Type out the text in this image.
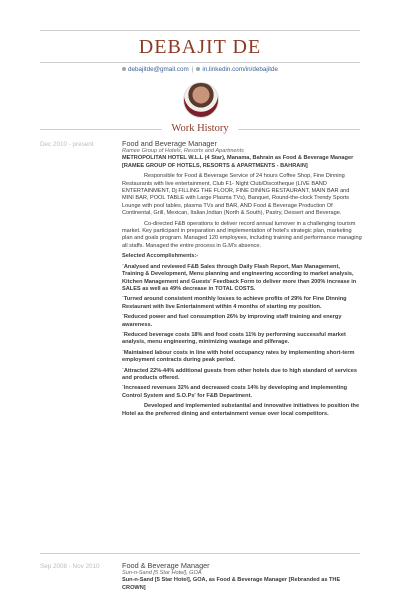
DEBAJIT DE
debajitde@gmail.com | in.linkedin.com/in/debajitde
Work History
Dec 2010 - present	Food and Beverage Manager
Ramee Group of Hotels, Resorts and Apartments

METROPOLITAN HOTEL W.L.L (4 Star), Manama, Bahrain as Food & Beverage Manager [RAMEE GROUP OF HOTELS, RESORTS & APARTMENTS - BAHRAIN]

Responsible for Food & Beverage Service of 24 hours Coffee Shop, Fine Dinning Restaurants with live entertainment, Club F1- Night Club/Discotheque (LIVE BAND ENTERTAINMENT, Dj FILLING THE FLOOR, FINE DINING RESTAURANT, MAIN BAR and MINI BAR, POOL TABLE with Large Plasma TVs), Banquet, Round-the-clock Trendy Sports Lounge with pool tables, plasma TVs and BAR, AND Food & Beverage Production Of Continental, Grill, Mexican, Italian,Indian (North & South), Pastry, Dessert and Beverage.

Co-directed F&B operations to deliver record annual turnover in a challenging tourism market. Key participant in preparation and implementation of hotel's strategic plan, marketing plan and goals program. Managed 120 employees, including training and performance managing all staffs. Managed the entire process in G.M's absence.

Selected Accomplishments:-

`Analysed and reviewed F&B Sales through Daily Flash Report, Man Management, Training & Development, Menu planning and engineering according to market analysis, Kitchen Management and Guests' Feedback Form to deliver more than 200% increase in SALES as well as 49% decrease in TOTAL COSTS.

`Turned around consistent monthly losses to achieve profits of 29% for Fine Dinning Restaurant with live Entertainment within 4 months of starting my position.

`Reduced power and fuel consumption 26% by improving staff training and energy awareness.

`Reduced beverage costs 18% and food costs 11% by performing successful market analysis, menu engineering, minimizing wastage and pilferage.

`Maintained labour costs in line with hotel occupancy rates by implementing short-term employment contracts during peak period.

`Attracted 22%-44% additional guests from other hotels due to high standard of services and products offered.

`Increased revenues 32% and decreased costs 14% by developing and implementing Control System and S.O.Ps' for F&B Department.

Developed and implemented substantial and innovative initiatives to position the Hotel as the preferred dining and entertainment venue over local competitors.

Sep 2008 - Nov 2010	Food & Beverage Manager
Sun-n-Sand [5 Star Hotel], GOA

Sun-n-Sand [5 Star Hotel], GOA, as Food & Beverage Manager [Rebranded as THE CROWN]
